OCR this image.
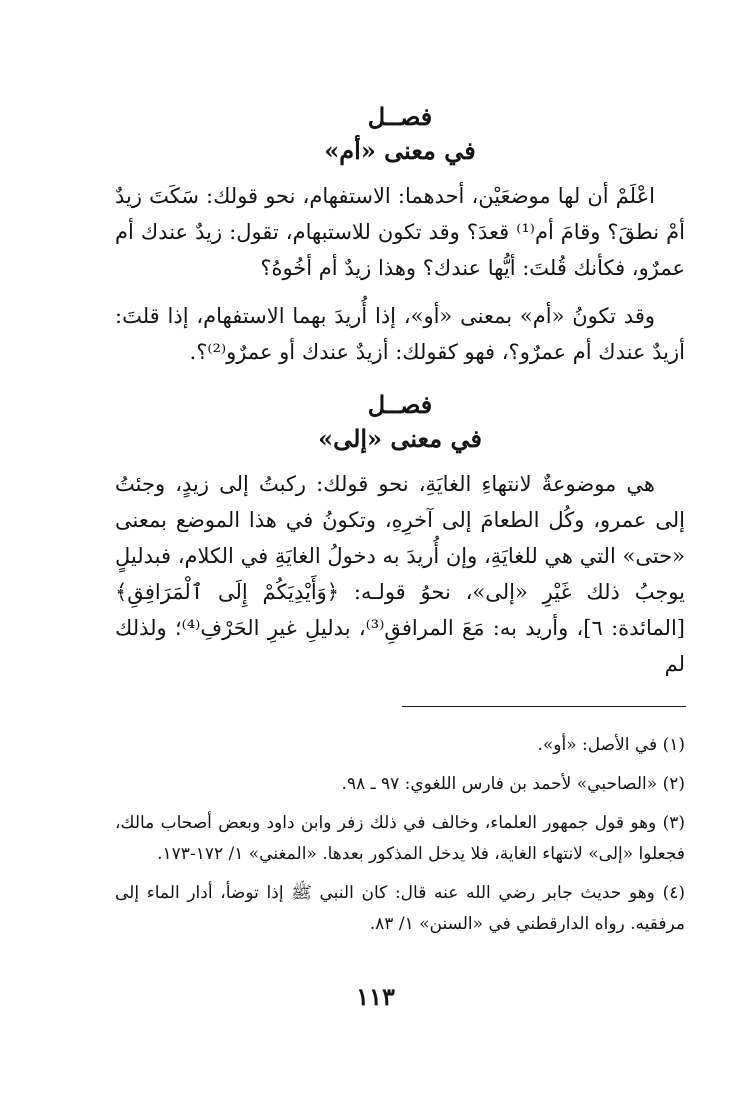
فصــل

في معنى «أم»

اعْلَمْ أن لها موضعَيْن، أحدهما: الاستفهام، نحو قولك: سَكَتَ زيدٌ أمْ نطقَ؟ وقامَ أم⁽¹⁾ قعدَ؟ وقد تكون للاستبهام، تقول: زيدٌ عندك أم عمرٌو، فكأنك قُلتَ: أيُّها عندك؟ وهذا زيدٌ أم أخُوهُ؟

وقد تكونُ «أم» بمعنى «أو»، إذا أُريدَ بهما الاستفهام، إذا قلتَ: أزيدٌ عندك أم عمرٌو؟، فهو كقولك: أزيدٌ عندك أو عمرٌو⁽²⁾؟.

فصــل

في معنى «إلى»

هي موضوعةٌ لانتهاءِ الغايَةِ، نحو قولك: ركبتُ إلى زيدٍ، وجئتُ إلى عمرو، وكُل الطعامَ إلى آخرِهِ، وتكونُ في هذا الموضع بمعنى «حتى» التي هي للغايَةِ، وإن أُريدَ به دخولُ الغايَةِ في الكلام، فبدليلٍ يوجبُ ذلك غَيْرِ «إلى»، نحوُ قولـه: ﴿وَأَيْدِيَكُمْ إِلَى ٱلْمَرَافِقِ﴾ [المائدة: ٦]، وأريد به: مَعَ المرافقِ⁽³⁾، بدليلِ غيرِ الحَرْفِ⁽⁴⁾؛ ولذلك لم

(١) في الأصل: «أو».

(٢) «الصاحبي» لأحمد بن فارس اللغوي: ٩٧ ـ ٩٨.

(٣) وهو قول جمهور العلماء، وخالف في ذلك زفر وابن داود وبعض أصحاب مالك، فجعلوا «إلى» لانتهاء الغاية، فلا يدخل المذكور بعدها. «المغني» ١/ ١٧٢-١٧٣.

(٤) وهو حديث جابر رضي الله عنه قال: كان النبي ﷺ إذا توضأ، أدار الماء إلى مرفقيه. رواه الدارقطني في «السنن» ١/ ٨٣.

١١٣
